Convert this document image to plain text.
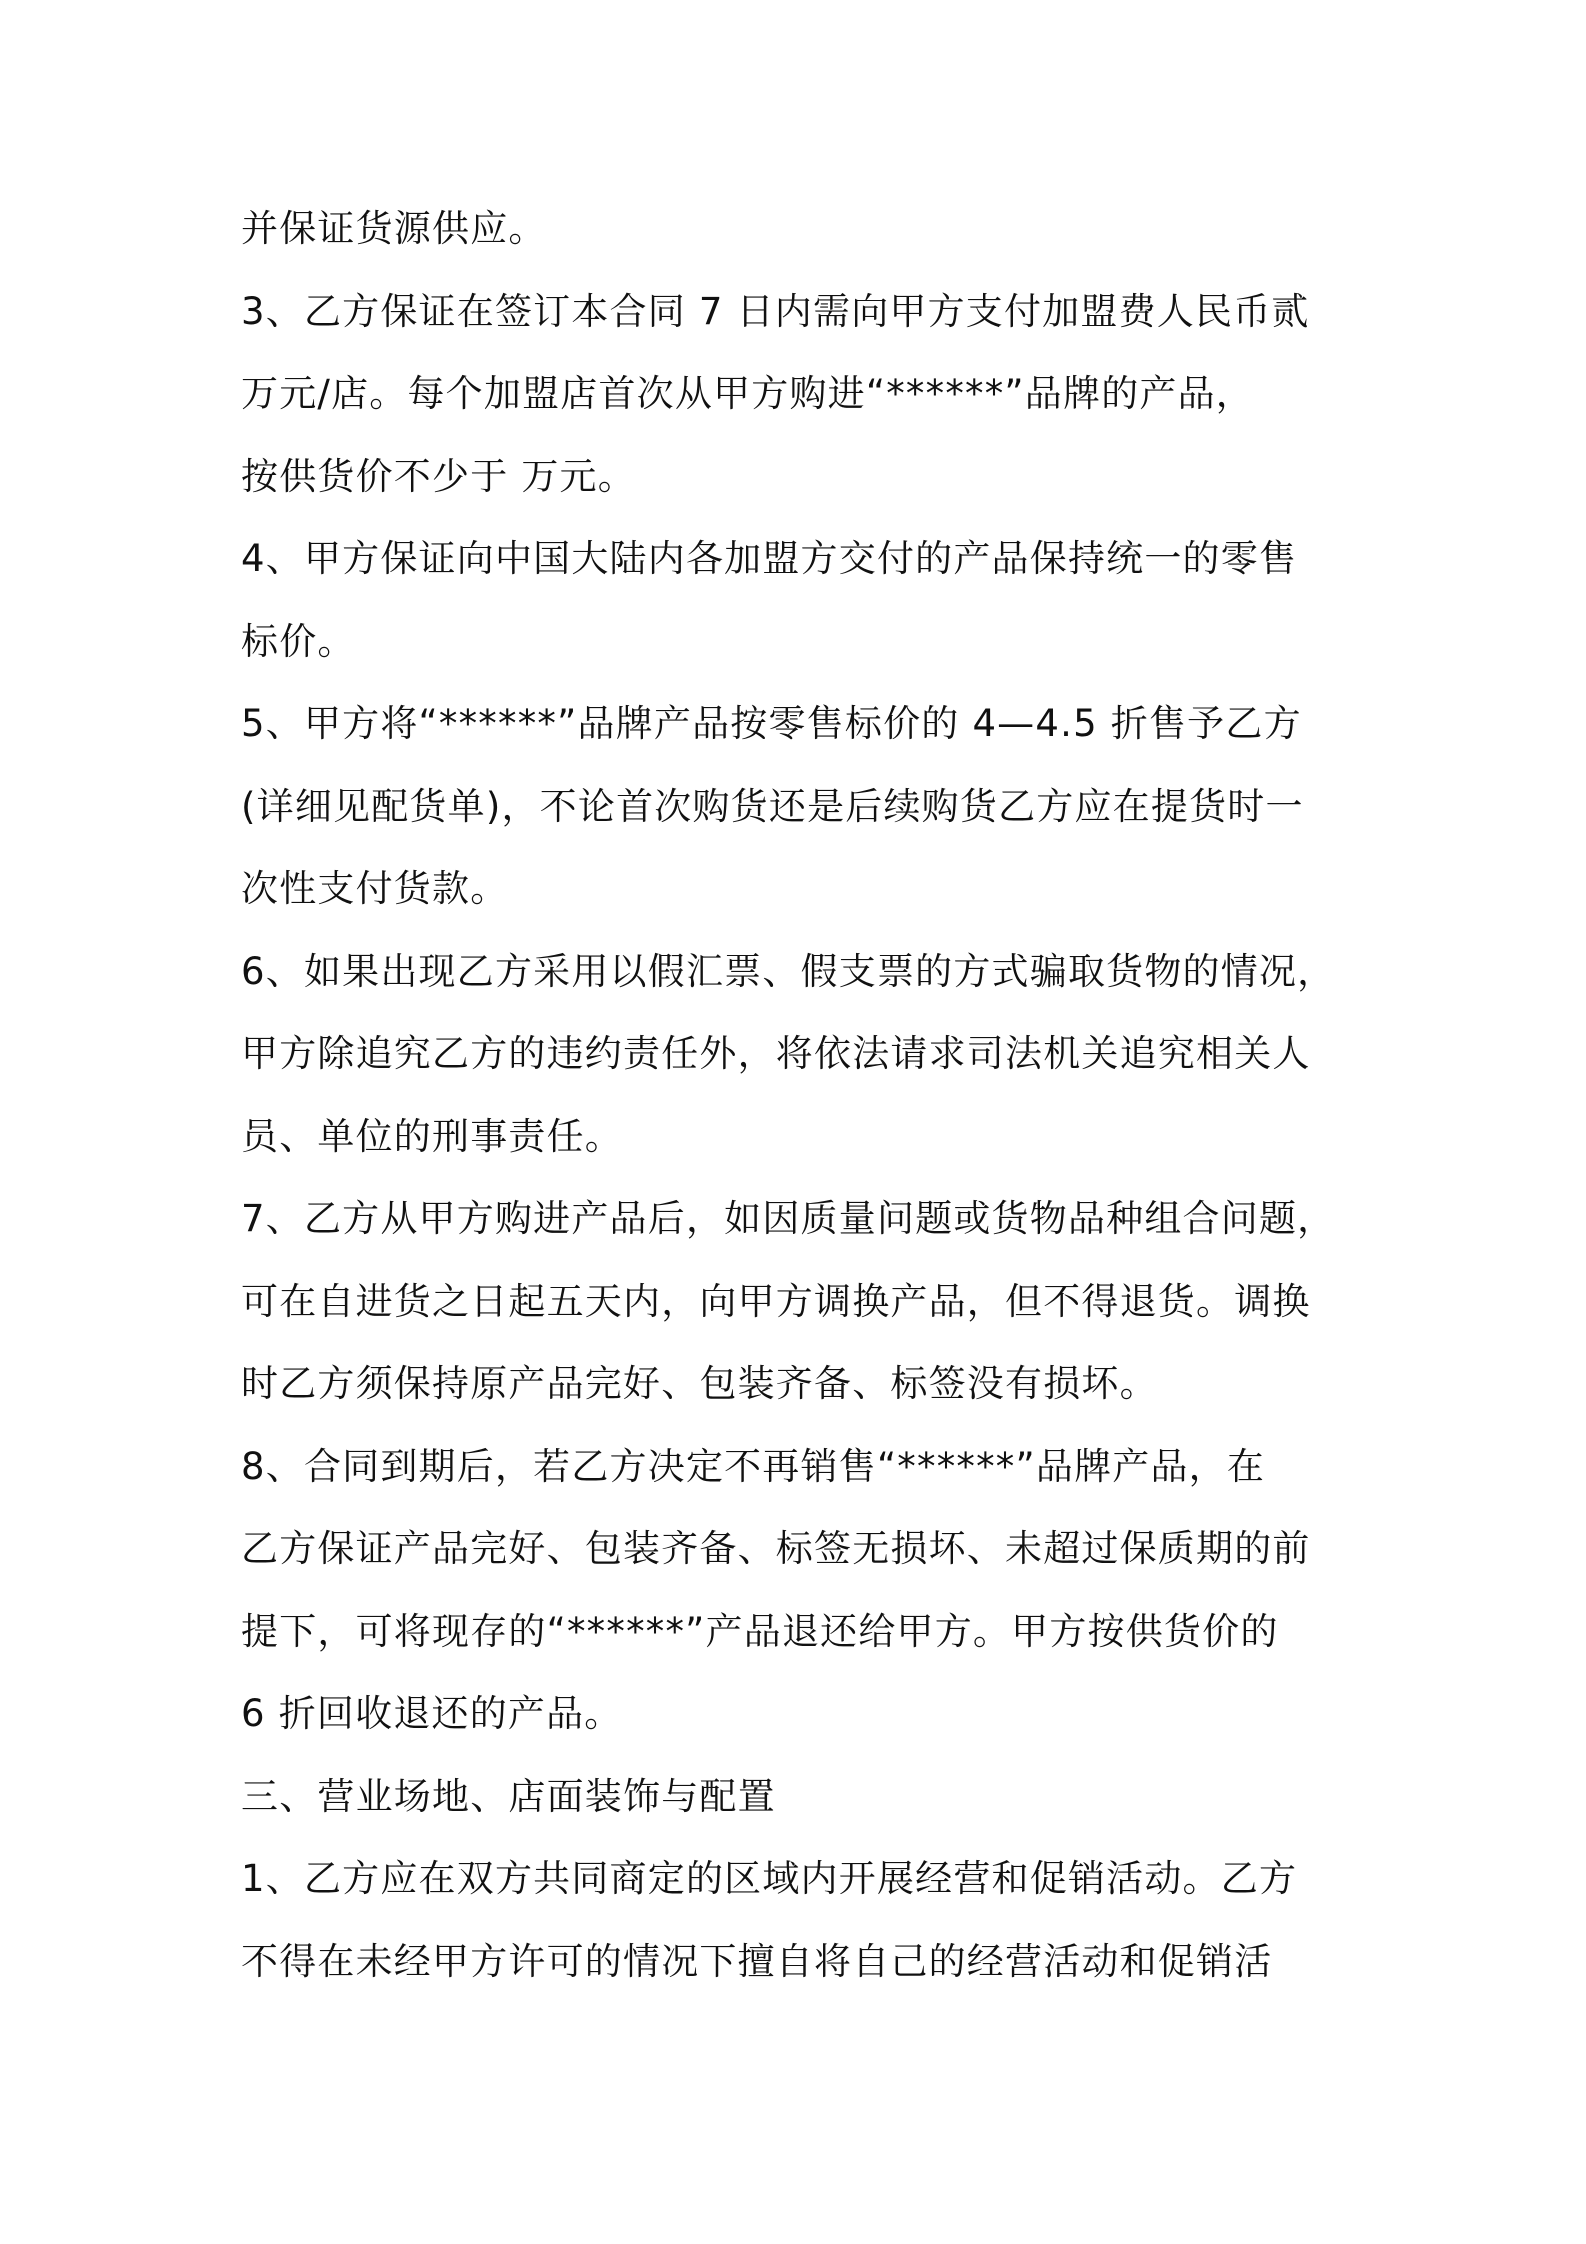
并保证货源供应。
3、乙方保证在签订本合同 7 日内需向甲方支付加盟费人民币贰
万元/店。每个加盟店首次从甲方购进“******”品牌的产品，
按供货价不少于 万元。
4、甲方保证向中国大陆内各加盟方交付的产品保持统一的零售
标价。
5、甲方将“******”品牌产品按零售标价的 4—4.5 折售予乙方
(详细见配货单)，不论首次购货还是后续购货乙方应在提货时一
次性支付货款。
6、如果出现乙方采用以假汇票、假支票的方式骗取货物的情况，
甲方除追究乙方的违约责任外，将依法请求司法机关追究相关人
员、单位的刑事责任。
7、乙方从甲方购进产品后，如因质量问题或货物品种组合问题，
可在自进货之日起五天内，向甲方调换产品，但不得退货。调换
时乙方须保持原产品完好、包装齐备、标签没有损坏。
8、合同到期后，若乙方决定不再销售“******”品牌产品，在
乙方保证产品完好、包装齐备、标签无损坏、未超过保质期的前
提下，可将现存的“******”产品退还给甲方。甲方按供货价的
6 折回收退还的产品。
三、营业场地、店面装饰与配置
1、乙方应在双方共同商定的区域内开展经营和促销活动。乙方
不得在未经甲方许可的情况下擅自将自己的经营活动和促销活
